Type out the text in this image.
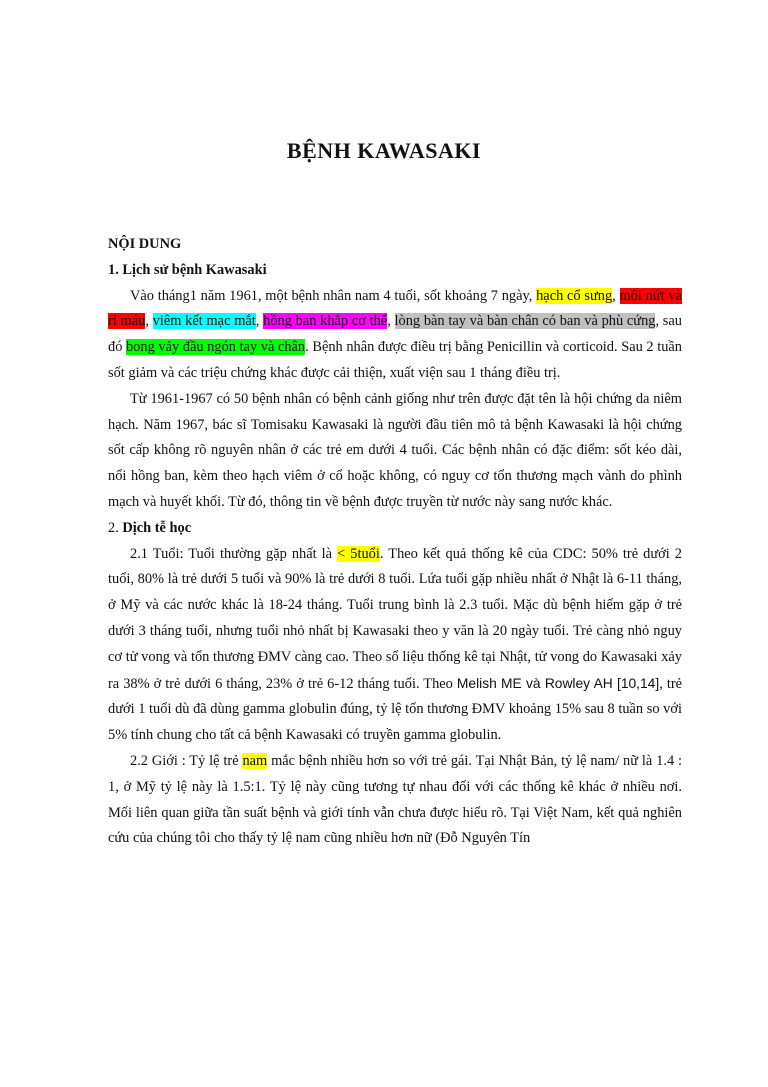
BỆNH KAWASAKI

NỘI DUNG

1. Lịch sử bệnh Kawasaki

Vào tháng1 năm 1961, một bệnh nhân nam 4 tuổi, sốt khoảng 7 ngày, hạch cổ sưng, môi nứt và rỉ máu, viêm kết mạc mắt, hồng ban khắp cơ thể, lòng bàn tay và bàn chân có ban và phù cứng, sau đó bong vảy đầu ngón tay và chân. Bệnh nhân được điều trị bằng Penicillin và corticoid. Sau 2 tuần sốt giảm và các triệu chứng khác được cải thiện, xuất viện sau 1 tháng điều trị.

Từ 1961-1967 có 50 bệnh nhân có bệnh cảnh giống như trên được đặt tên là hội chứng da niêm hạch. Năm 1967, bác sĩ Tomisaku Kawasaki là người đầu tiên mô tả bệnh Kawasaki là hội chứng sốt cấp không rõ nguyên nhân ở các trẻ em dưới 4 tuổi. Các bệnh nhân có đặc điểm: sốt kéo dài, nổi hồng ban, kèm theo hạch viêm ở cổ hoặc không, có nguy cơ tổn thương mạch vành do phình mạch và huyết khối. Từ đó, thông tin về bệnh được truyền từ nước này sang nước khác.

2. Dịch tễ học

2.1 Tuổi: Tuổi thường gặp nhất là < 5tuổi. Theo kết quả thống kê của CDC: 50% trẻ dưới 2 tuổi, 80% là trẻ dưới 5 tuổi và 90% là trẻ dưới 8 tuổi. Lứa tuổi gặp nhiều nhất ở Nhật là 6-11 tháng, ở Mỹ và các nước khác là 18-24 tháng. Tuổi trung bình là 2.3 tuổi. Mặc dù bệnh hiếm gặp ở trẻ dưới 3 tháng tuổi, nhưng tuổi nhỏ nhất bị Kawasaki theo y văn là 20 ngày tuổi. Trẻ càng nhỏ nguy cơ tử vong và tổn thương ĐMV càng cao. Theo số liệu thống kê tại Nhật, tử vong do Kawasaki xảy ra 38% ở trẻ dưới 6 tháng, 23% ở trẻ 6-12 tháng tuổi. Theo Melish ME và Rowley AH [10,14], trẻ dưới 1 tuổi dù đã dùng gamma globulin đúng, tỷ lệ tổn thương ĐMV khoảng 15% sau 8 tuần so với 5% tính chung cho tất cả bệnh Kawasaki có truyền gamma globulin.

2.2 Giới : Tỷ lệ trẻ nam mắc bệnh nhiều hơn so với trẻ gái. Tại Nhật Bản, tỷ lệ nam/ nữ là 1.4 : 1, ở Mỹ tỷ lệ này là 1.5:1. Tỷ lệ này cũng tương tự nhau đối với các thống kê khác ở nhiều nơi. Mối liên quan giữa tần suất bệnh và giới tính vẫn chưa được hiểu rõ. Tại Việt Nam, kết quả nghiên cứu của chúng tôi cho thấy tỷ lệ nam cũng nhiều hơn nữ (Đỗ Nguyên Tín
